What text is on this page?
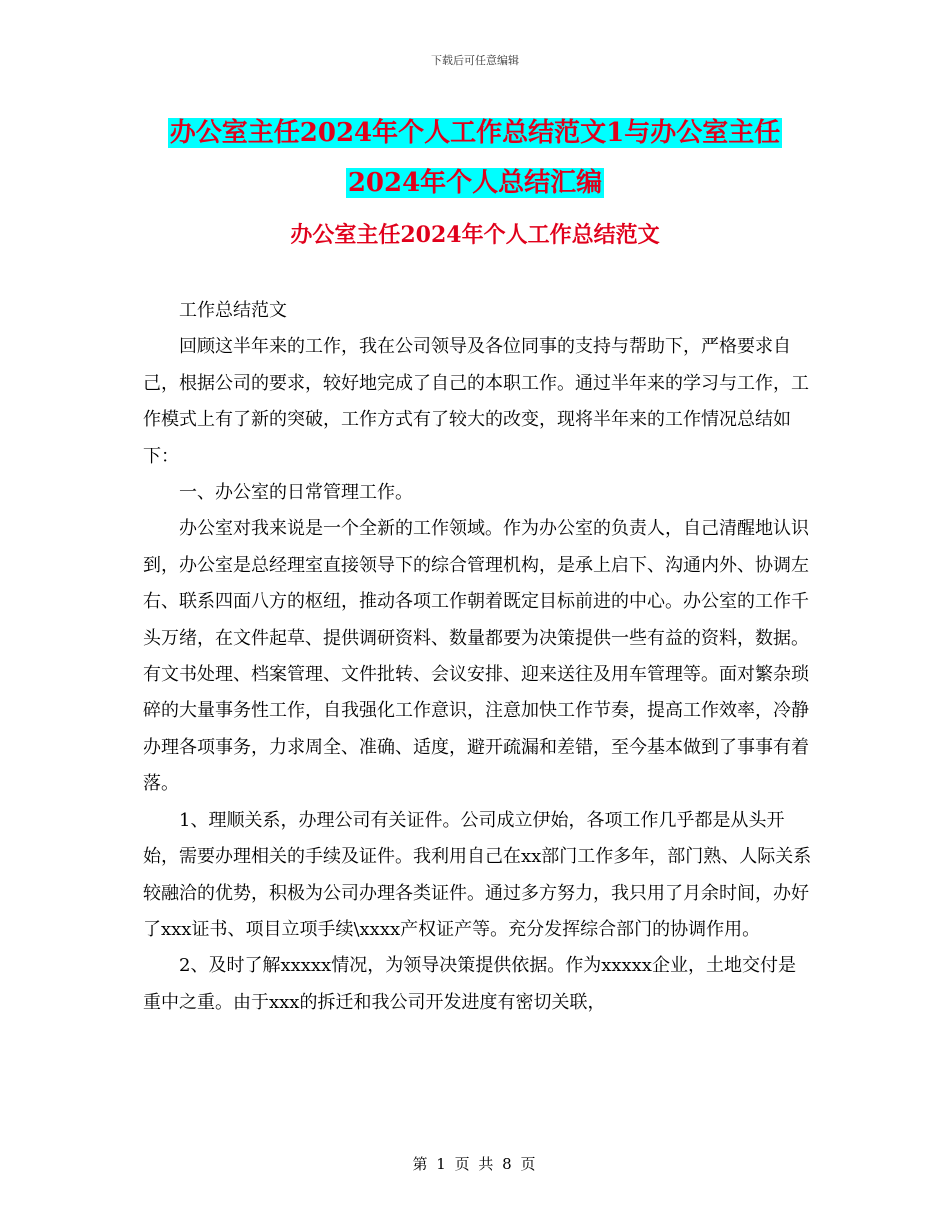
下载后可任意编辑
办公室主任2024年个人工作总结范文1与办公室主任
2024年个人总结汇编
办公室主任2024年个人工作总结范文

工作总结范文

回顾这半年来的工作，我在公司领导及各位同事的支持与帮助下，严格要求自己，根据公司的要求，较好地完成了自己的本职工作。通过半年来的学习与工作，工作模式上有了新的突破，工作方式有了较大的改变，现将半年来的工作情况总结如下：

一、办公室的日常管理工作。

办公室对我来说是一个全新的工作领域。作为办公室的负责人，自己清醒地认识到，办公室是总经理室直接领导下的综合管理机构，是承上启下、沟通内外、协调左右、联系四面八方的枢纽，推动各项工作朝着既定目标前进的中心。办公室的工作千头万绪，在文件起草、提供调研资料、数量都要为决策提供一些有益的资料，数据。有文书处理、档案管理、文件批转、会议安排、迎来送往及用车管理等。面对繁杂琐碎的大量事务性工作，自我强化工作意识，注意加快工作节奏，提高工作效率，冷静办理各项事务，力求周全、准确、适度，避开疏漏和差错，至今基本做到了事事有着落。

1、理顺关系，办理公司有关证件。公司成立伊始，各项工作几乎都是从头开始，需要办理相关的手续及证件。我利用自己在xx部门工作多年，部门熟、人际关系较融洽的优势，积极为公司办理各类证件。通过多方努力，我只用了月余时间，办好了xxx证书、项目立项手续\xxxx产权证产等。充分发挥综合部门的协调作用。

2、及时了解xxxxx情况，为领导决策提供依据。作为xxxxx企业，土地交付是重中之重。由于xxx的拆迁和我公司开发进度有密切关联，

第 1 页 共 8 页
